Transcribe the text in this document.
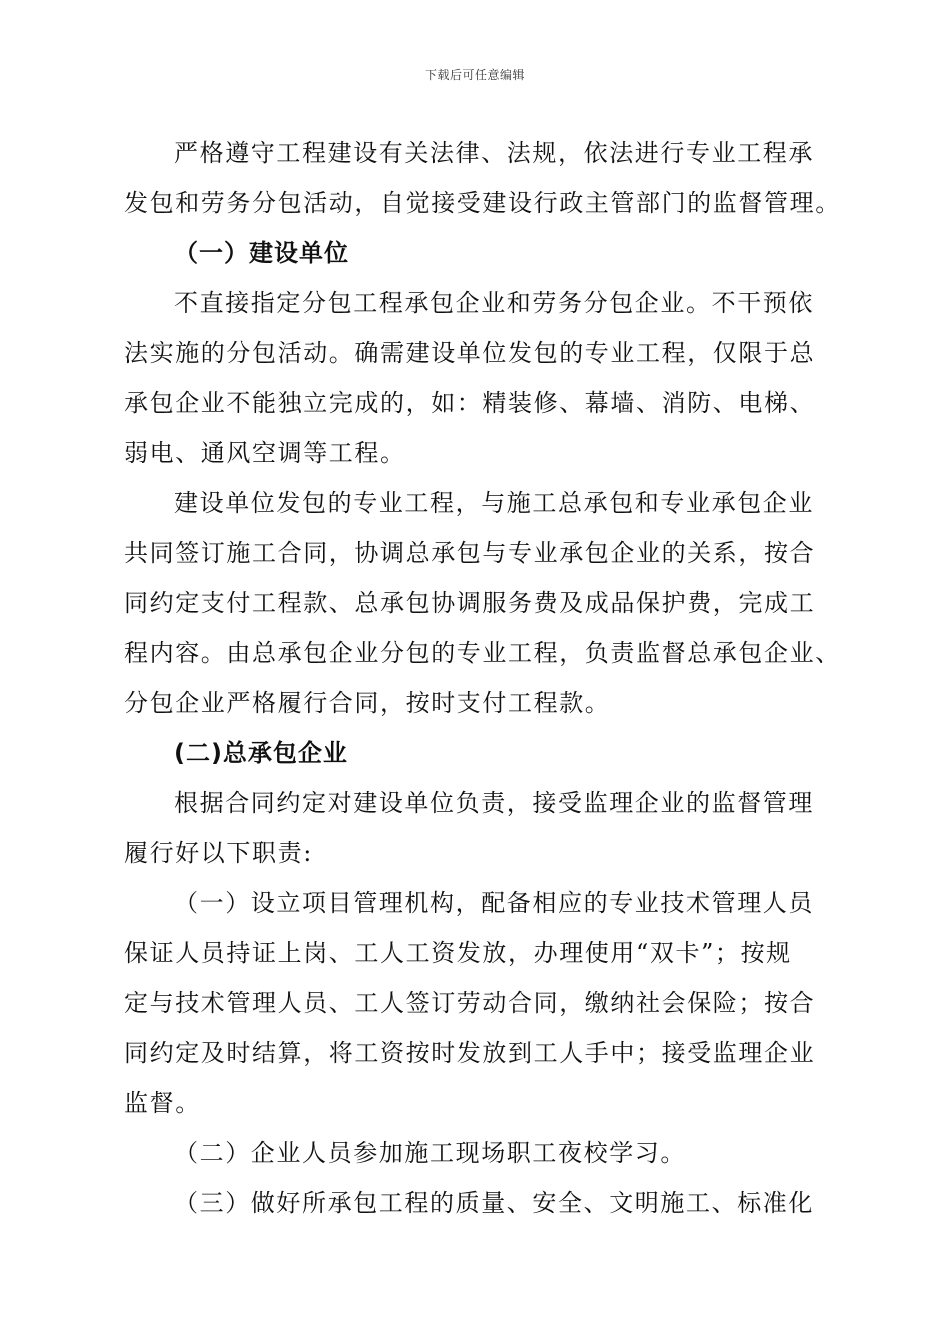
下载后可任意编辑
严格遵守工程建设有关法律、法规，依法进行专业工程承
发包和劳务分包活动，自觉接受建设行政主管部门的监督管理。
（一）建设单位
不直接指定分包工程承包企业和劳务分包企业。不干预依
法实施的分包活动。确需建设单位发包的专业工程，仅限于总
承包企业不能独立完成的，如：精装修、幕墙、消防、电梯、
弱电、通风空调等工程。
建设单位发包的专业工程，与施工总承包和专业承包企业
共同签订施工合同，协调总承包与专业承包企业的关系，按合
同约定支付工程款、总承包协调服务费及成品保护费，完成工
程内容。由总承包企业分包的专业工程，负责监督总承包企业、
分包企业严格履行合同，按时支付工程款。
(二)总承包企业
根据合同约定对建设单位负责，接受监理企业的监督管理
履行好以下职责:
（一）设立项目管理机构，配备相应的专业技术管理人员
保证人员持证上岗、工人工资发放，办理使用“双卡”；按规
定与技术管理人员、工人签订劳动合同，缴纳社会保险；按合
同约定及时结算，将工资按时发放到工人手中；接受监理企业
监督。
（二）企业人员参加施工现场职工夜校学习。
（三）做好所承包工程的质量、安全、文明施工、标准化
